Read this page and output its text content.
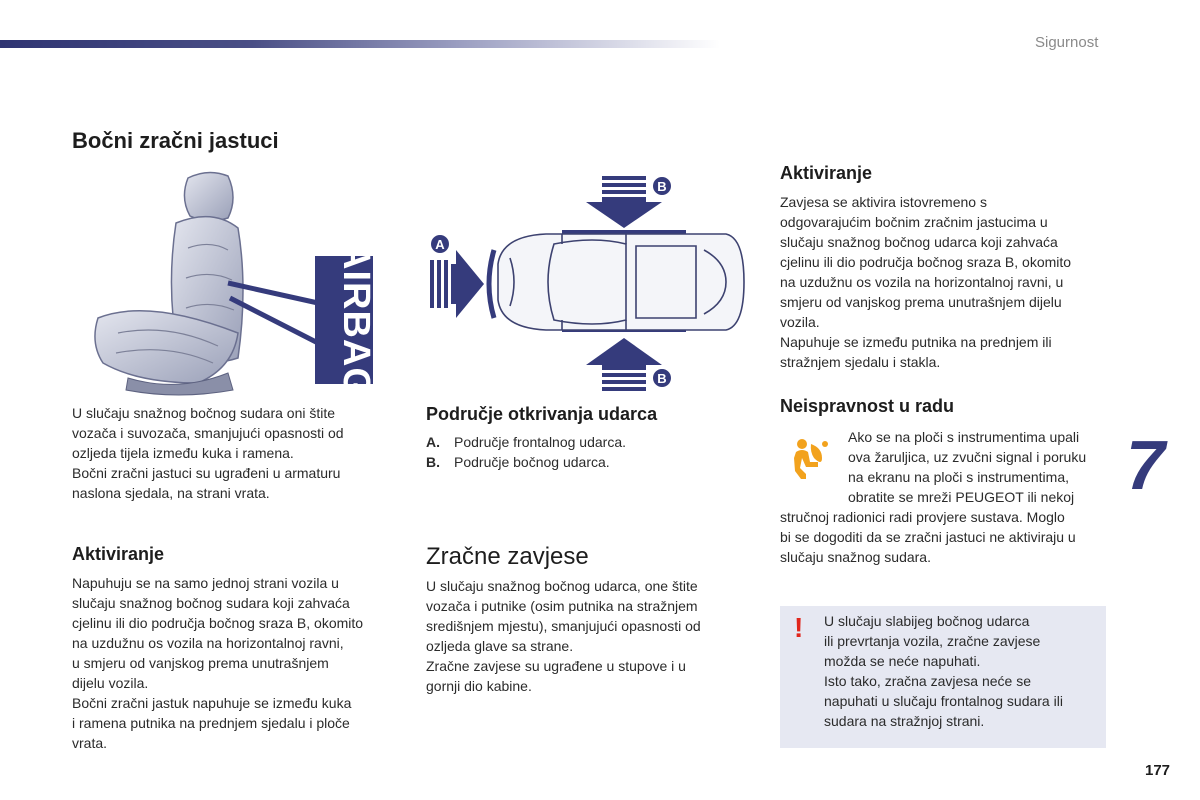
Sigurnost
Bočni zračni jastuci
AIRBAG
U slučaju snažnog bočnog sudara oni štite
vozača i suvozača, smanjujući opasnosti od
ozljeda tijela između kuka i ramena.
Bočni zračni jastuci su ugrađeni u armaturu
naslona sjedala, na strani vrata.
Aktiviranje
Napuhuju se na samo jednoj strani vozila u
slučaju snažnog bočnog sudara koji zahvaća
cjelinu ili dio područja bočnog sraza B, okomito
na uzdužnu os vozila na horizontalnoj ravni,
u smjeru od vanjskog prema unutrašnjem
dijelu vozila.
Bočni zračni jastuk napuhuje se između kuka
i ramena putnika na prednjem sjedalu i ploče
vrata.
B
B
A
Područje otkrivanja udarca
A. Područje frontalnog udarca.
B. Područje bočnog udarca.
Zračne zavjese
U slučaju snažnog bočnog udarca, one štite
vozača i putnike (osim putnika na stražnjem
središnjem mjestu), smanjujući opasnosti od
ozljeda glave sa strane.
Zračne zavjese su ugrađene u stupove i u
gornji dio kabine.
Aktiviranje
Zavjesa se aktivira istovremeno s
odgovarajućim bočnim zračnim jastucima u
slučaju snažnog bočnog udarca koji zahvaća
cjelinu ili dio područja bočnog sraza B, okomito
na uzdužnu os vozila na horizontalnoj ravni, u
smjeru od vanjskog prema unutrašnjem dijelu
vozila.
Napuhuje se između putnika na prednjem ili
stražnjem sjedalu i stakla.
Neispravnost u radu
Ako se na ploči s instrumentima upali
ova žaruljica, uz zvučni signal i poruku
na ekranu na ploči s instrumentima,
obratite se mreži PEUGEOT ili nekoj
stručnoj radionici radi provjere sustava. Moglo
bi se dogoditi da se zračni jastuci ne aktiviraju u
slučaju snažnog sudara.
! U slučaju slabijeg bočnog udarca
ili prevrtanja vozila, zračne zavjese
možda se neće napuhati.
Isto tako, zračna zavjesa neće se
napuhati u slučaju frontalnog sudara ili
sudara na stražnjoj strani.
7
177
